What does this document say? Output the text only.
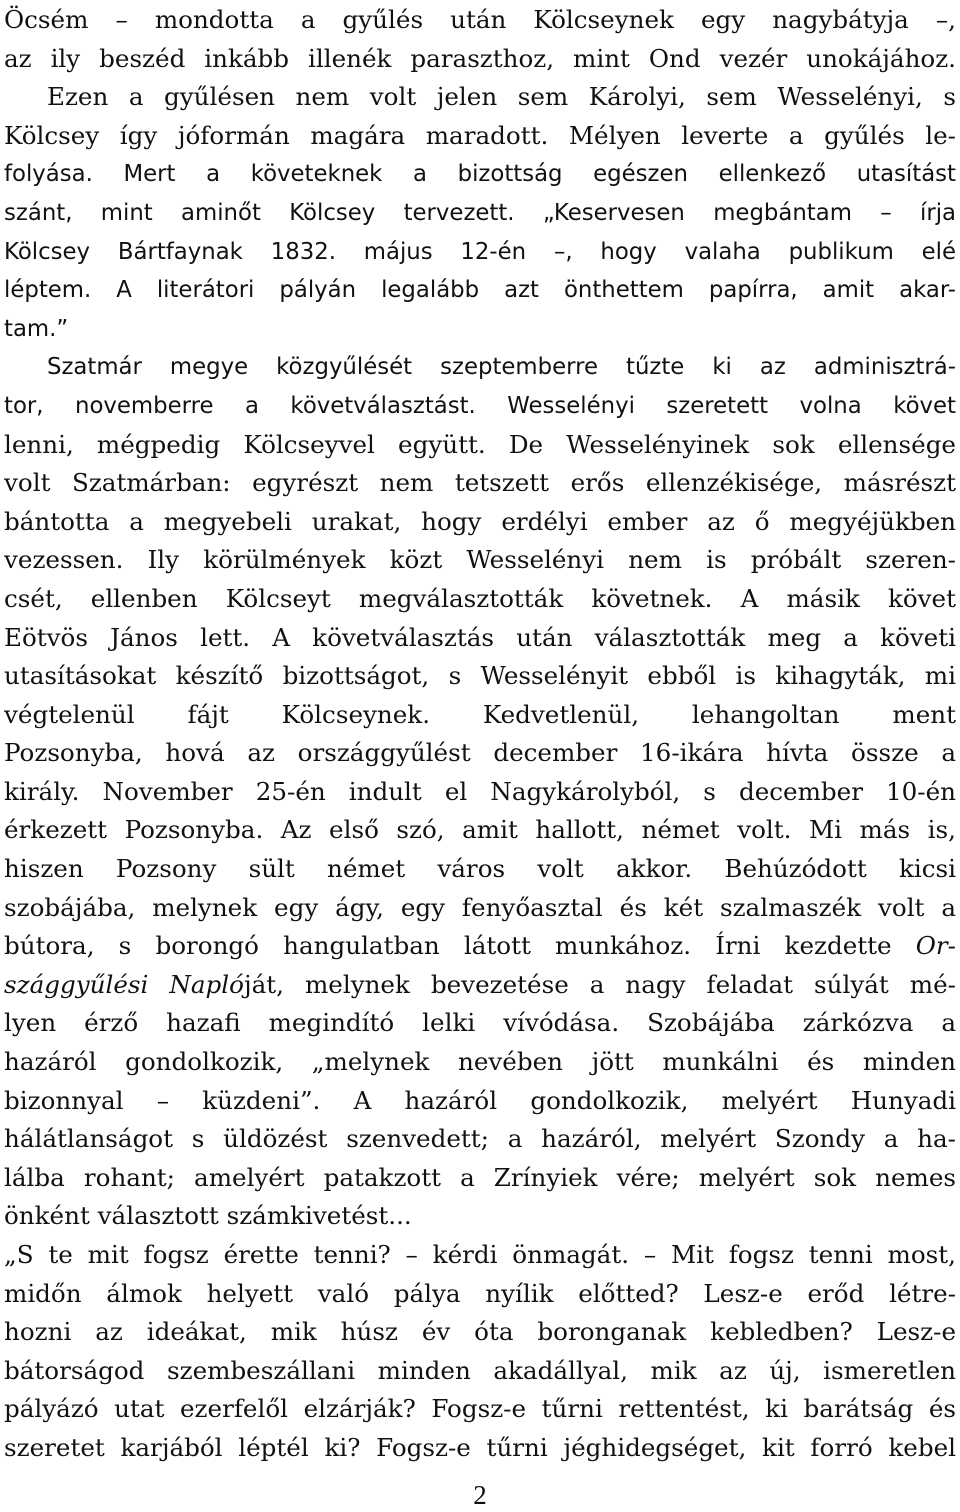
Öcsém – mondotta a gyűlés után Kölcseynek egy nagybátyja –,
az ily beszéd inkább illenék paraszthoz, mint Ond vezér unokájához.
Ezen a gyűlésen nem volt jelen sem Károlyi, sem Wesselényi, s
Kölcsey így jóformán magára maradott. Mélyen leverte a gyűlés le-
folyása. Mert a követeknek a bizottság egészen ellenkező utasítást
szánt, mint aminőt Kölcsey tervezett. „Keservesen megbántam – írja
Kölcsey Bártfaynak 1832. május 12-én –, hogy valaha publikum elé
léptem. A literátori pályán legalább azt önthettem papírra, amit akar-
tam.”
Szatmár megye közgyűlését szeptemberre tűzte ki az adminisztrá-
tor, novemberre a követválasztást. Wesselényi szeretett volna követ
lenni, mégpedig Kölcseyvel együtt. De Wesselényinek sok ellensége
volt Szatmárban: egyrészt nem tetszett erős ellenzékisége, másrészt
bántotta a megyebeli urakat, hogy erdélyi ember az ő megyéjükben
vezessen. Ily körülmények közt Wesselényi nem is próbált szeren-
csét, ellenben Kölcseyt megválasztották követnek. A másik követ
Eötvös János lett. A követválasztás után választották meg a követi
utasításokat készítő bizottságot, s Wesselényit ebből is kihagyták, mi
végtelenül fájt Kölcseynek. Kedvetlenül, lehangoltan ment
Pozsonyba, hová az országgyűlést december 16-ikára hívta össze a
király. November 25-én indult el Nagykárolyból, s december 10-én
érkezett Pozsonyba. Az első szó, amit hallott, német volt. Mi más is,
hiszen Pozsony sült német város volt akkor. Behúzódott kicsi
szobájába, melynek egy ágy, egy fenyőasztal és két szalmaszék volt a
bútora, s borongó hangulatban látott munkához. Írni kezdette Or-
szággyűlési Naplóját, melynek bevezetése a nagy feladat súlyát mé-
lyen érző hazafi megindító lelki vívódása. Szobájába zárkózva a
hazáról gondolkozik, „melynek nevében jött munkálni és minden
bizonnyal – küzdeni”. A hazáról gondolkozik, melyért Hunyadi
hálátlanságot s üldözést szenvedett; a hazáról, melyért Szondy a ha-
lálba rohant; amelyért patakzott a Zrínyiek vére; melyért sok nemes
önként választott számkivetést...
„S te mit fogsz érette tenni? – kérdi önmagát. – Mit fogsz tenni most,
midőn álmok helyett való pálya nyílik előtted? Lesz-e erőd létre-
hozni az ideákat, mik húsz év óta boronganak kebledben? Lesz-e
bátorságod szembeszállani minden akadállyal, mik az új, ismeretlen
pályázó utat ezerfelől elzárják? Fogsz-e tűrni rettentést, ki barátság és
szeretet karjából léptél ki? Fogsz-e tűrni jéghidegséget, kit forró kebel
2
